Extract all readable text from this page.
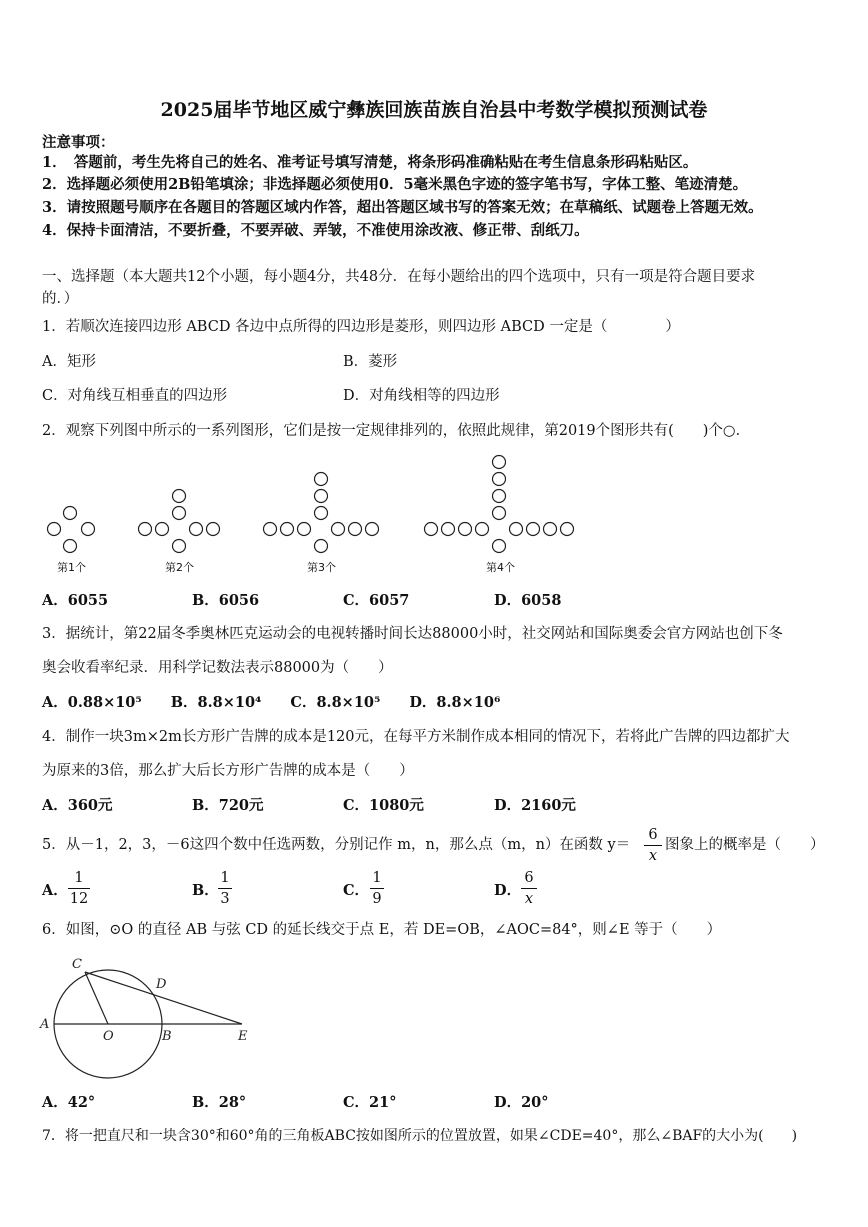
2025届毕节地区威宁彝族回族苗族自治县中考数学模拟预测试卷
注意事项：
1．　答题前，考生先将自己的姓名、准考证号填写清楚，将条形码准确粘贴在考生信息条形码粘贴区。
2．选择题必须使用2B铅笔填涂；非选择题必须使用0．5毫米黑色字迹的签字笔书写，字体工整、笔迹清楚。
3．请按照题号顺序在各题目的答题区域内作答，超出答题区域书写的答案无效；在草稿纸、试题卷上答题无效。
4．保持卡面清洁，不要折叠，不要弄破、弄皱，不准使用涂改液、修正带、刮纸刀。
一、选择题（本大题共12个小题，每小题4分，共48分．在每小题给出的四个选项中，只有一项是符合题目要求
的．）
1．若顺次连接四边形 ABCD 各边中点所得的四边形是菱形，则四边形 ABCD 一定是（　　　　）
A．矩形	B．菱形
C．对角线互相垂直的四边形	D．对角线相等的四边形
2．观察下列图中所示的一系列图形，它们是按一定规律排列的，依照此规律，第2019个图形共有(　　)个○．
第1个	第2个	第3个	第4个
A．6055	B．6056	C．6057	D．6058
3．据统计，第22届冬季奥林匹克运动会的电视转播时间长达88000小时，社交网站和国际奥委会官方网站也创下冬
奥会收看率纪录．用科学记数法表示88000为（　　）
A．0.88×10⁵　　B．8.8×10⁴　　C．8.8×10⁵　　D．8.8×10⁶
4．制作一块3m×2m长方形广告牌的成本是120元，在每平方米制作成本相同的情况下，若将此广告牌的四边都扩大
为原来的3倍，那么扩大后长方形广告牌的成本是（　　）
A．360元	B．720元	C．1080元	D．2160元
5．从－1，2，3，－6这四个数中任选两数，分别记作 m，n，那么点（m，n）在函数 y＝
6
x
图象上的概率是（　　）
A．
1
12	B．
1
3	C．
1
9	D．
6
x
6．如图，⊙O 的直径 AB 与弦 CD 的延长线交于点 E，若 DE=OB，∠AOC=84°，则∠E 等于（　　）
C
D
A
O	B	E
A．42°	B．28°	C．21°	D．20°
7．将一把直尺和一块含30°和60°角的三角板ABC按如图所示的位置放置，如果∠CDE=40°，那么∠BAF的大小为(　　)
